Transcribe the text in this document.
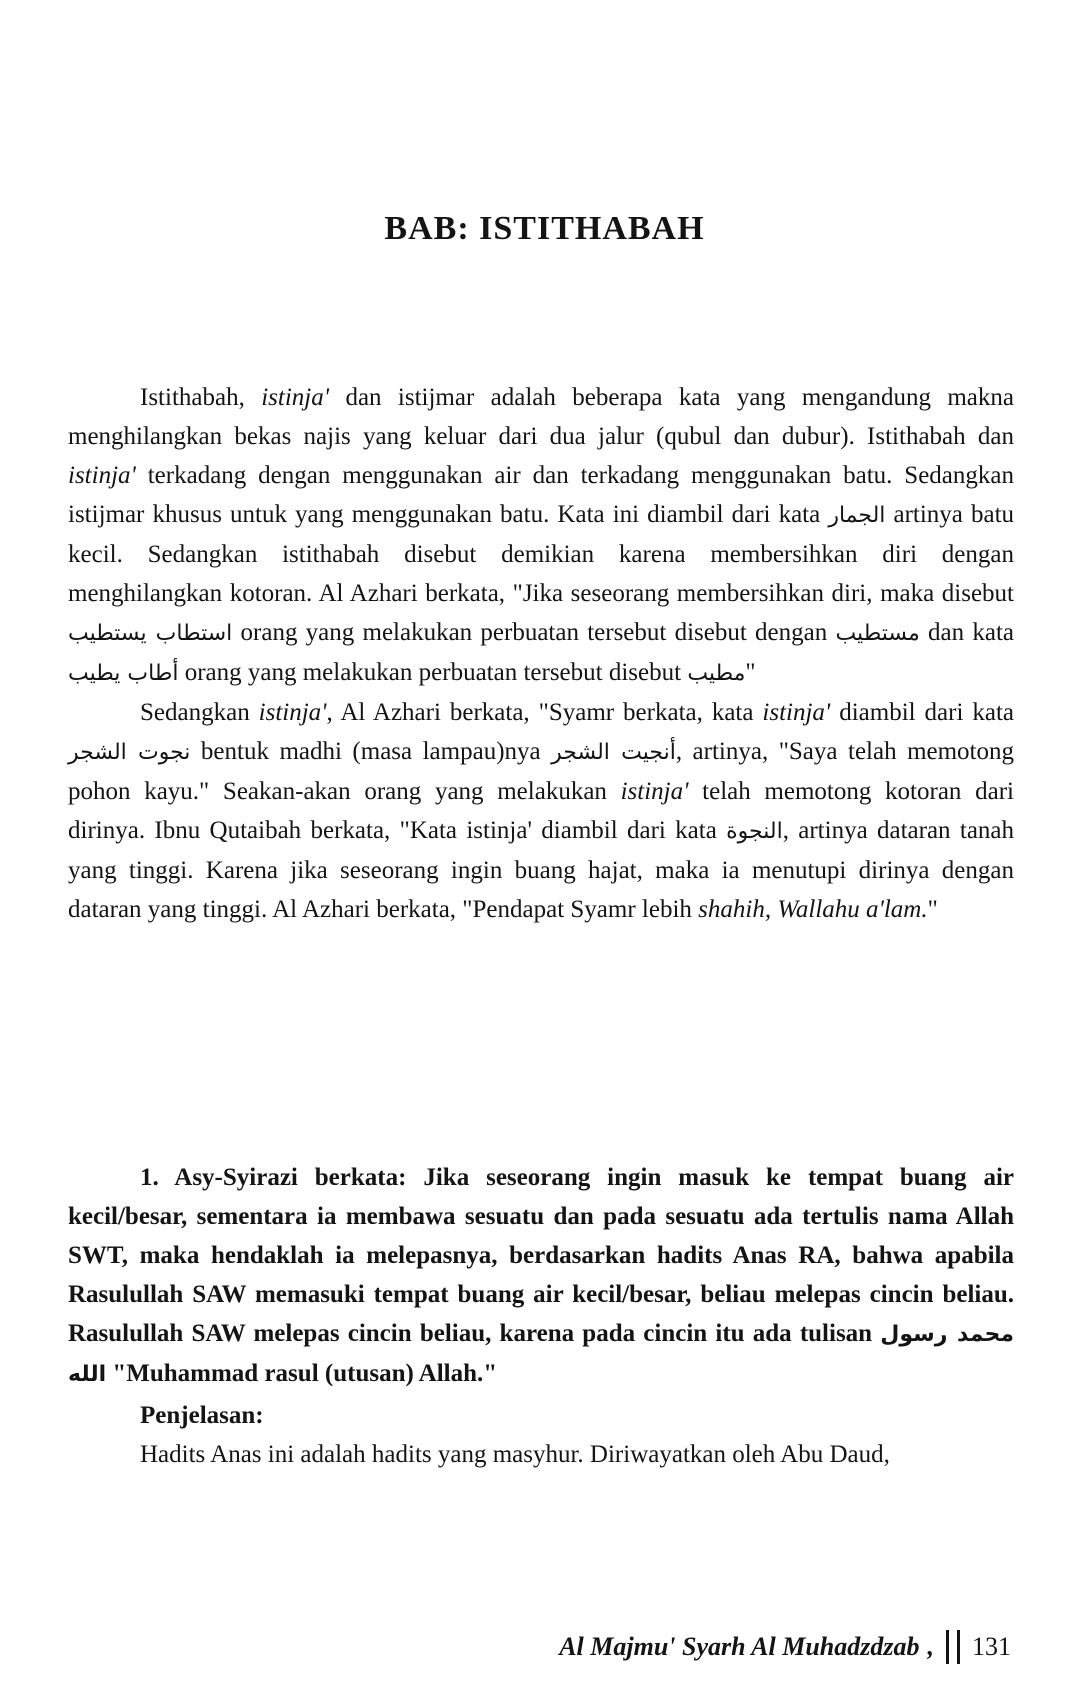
BAB: ISTITHABAH

Istithabah, istinja' dan istijmar adalah beberapa kata yang mengandung makna menghilangkan bekas najis yang keluar dari dua jalur (qubul dan dubur). Istithabah dan istinja' terkadang dengan menggunakan air dan terkadang menggunakan batu. Sedangkan istijmar khusus untuk yang menggunakan batu. Kata ini diambil dari kata الجمار artinya batu kecil. Sedangkan istithabah disebut demikian karena membersihkan diri dengan menghilangkan kotoran. Al Azhari berkata, "Jika seseorang membersihkan diri, maka disebut استطاب يستطيب orang yang melakukan perbuatan tersebut disebut dengan مستطيب dan kata أطاب يطيب orang yang melakukan perbuatan tersebut disebut مطيب"

Sedangkan istinja', Al Azhari berkata, "Syamr berkata, kata istinja' diambil dari kata نجوت الشجر bentuk madhi (masa lampau)nya أنجيت الشجر, artinya, "Saya telah memotong pohon kayu." Seakan-akan orang yang melakukan istinja' telah memotong kotoran dari dirinya. Ibnu Qutaibah berkata, "Kata istinja' diambil dari kata النجوة, artinya dataran tanah yang tinggi. Karena jika seseorang ingin buang hajat, maka ia menutupi dirinya dengan dataran yang tinggi. Al Azhari berkata, "Pendapat Syamr lebih shahih, Wallahu a'lam."

1. Asy-Syirazi berkata: Jika seseorang ingin masuk ke tempat buang air kecil/besar, sementara ia membawa sesuatu dan pada sesuatu ada tertulis nama Allah SWT, maka hendaklah ia melepasnya, berdasarkan hadits Anas RA, bahwa apabila Rasulullah SAW memasuki tempat buang air kecil/besar, beliau melepas cincin beliau. Rasulullah SAW melepas cincin beliau, karena pada cincin itu ada tulisan محمد رسول الله "Muhammad rasul (utusan) Allah."

Penjelasan:

Hadits Anas ini adalah hadits yang masyhur. Diriwayatkan oleh Abu Daud,

Al Majmu' Syarh Al Muhadzdzab , 131
